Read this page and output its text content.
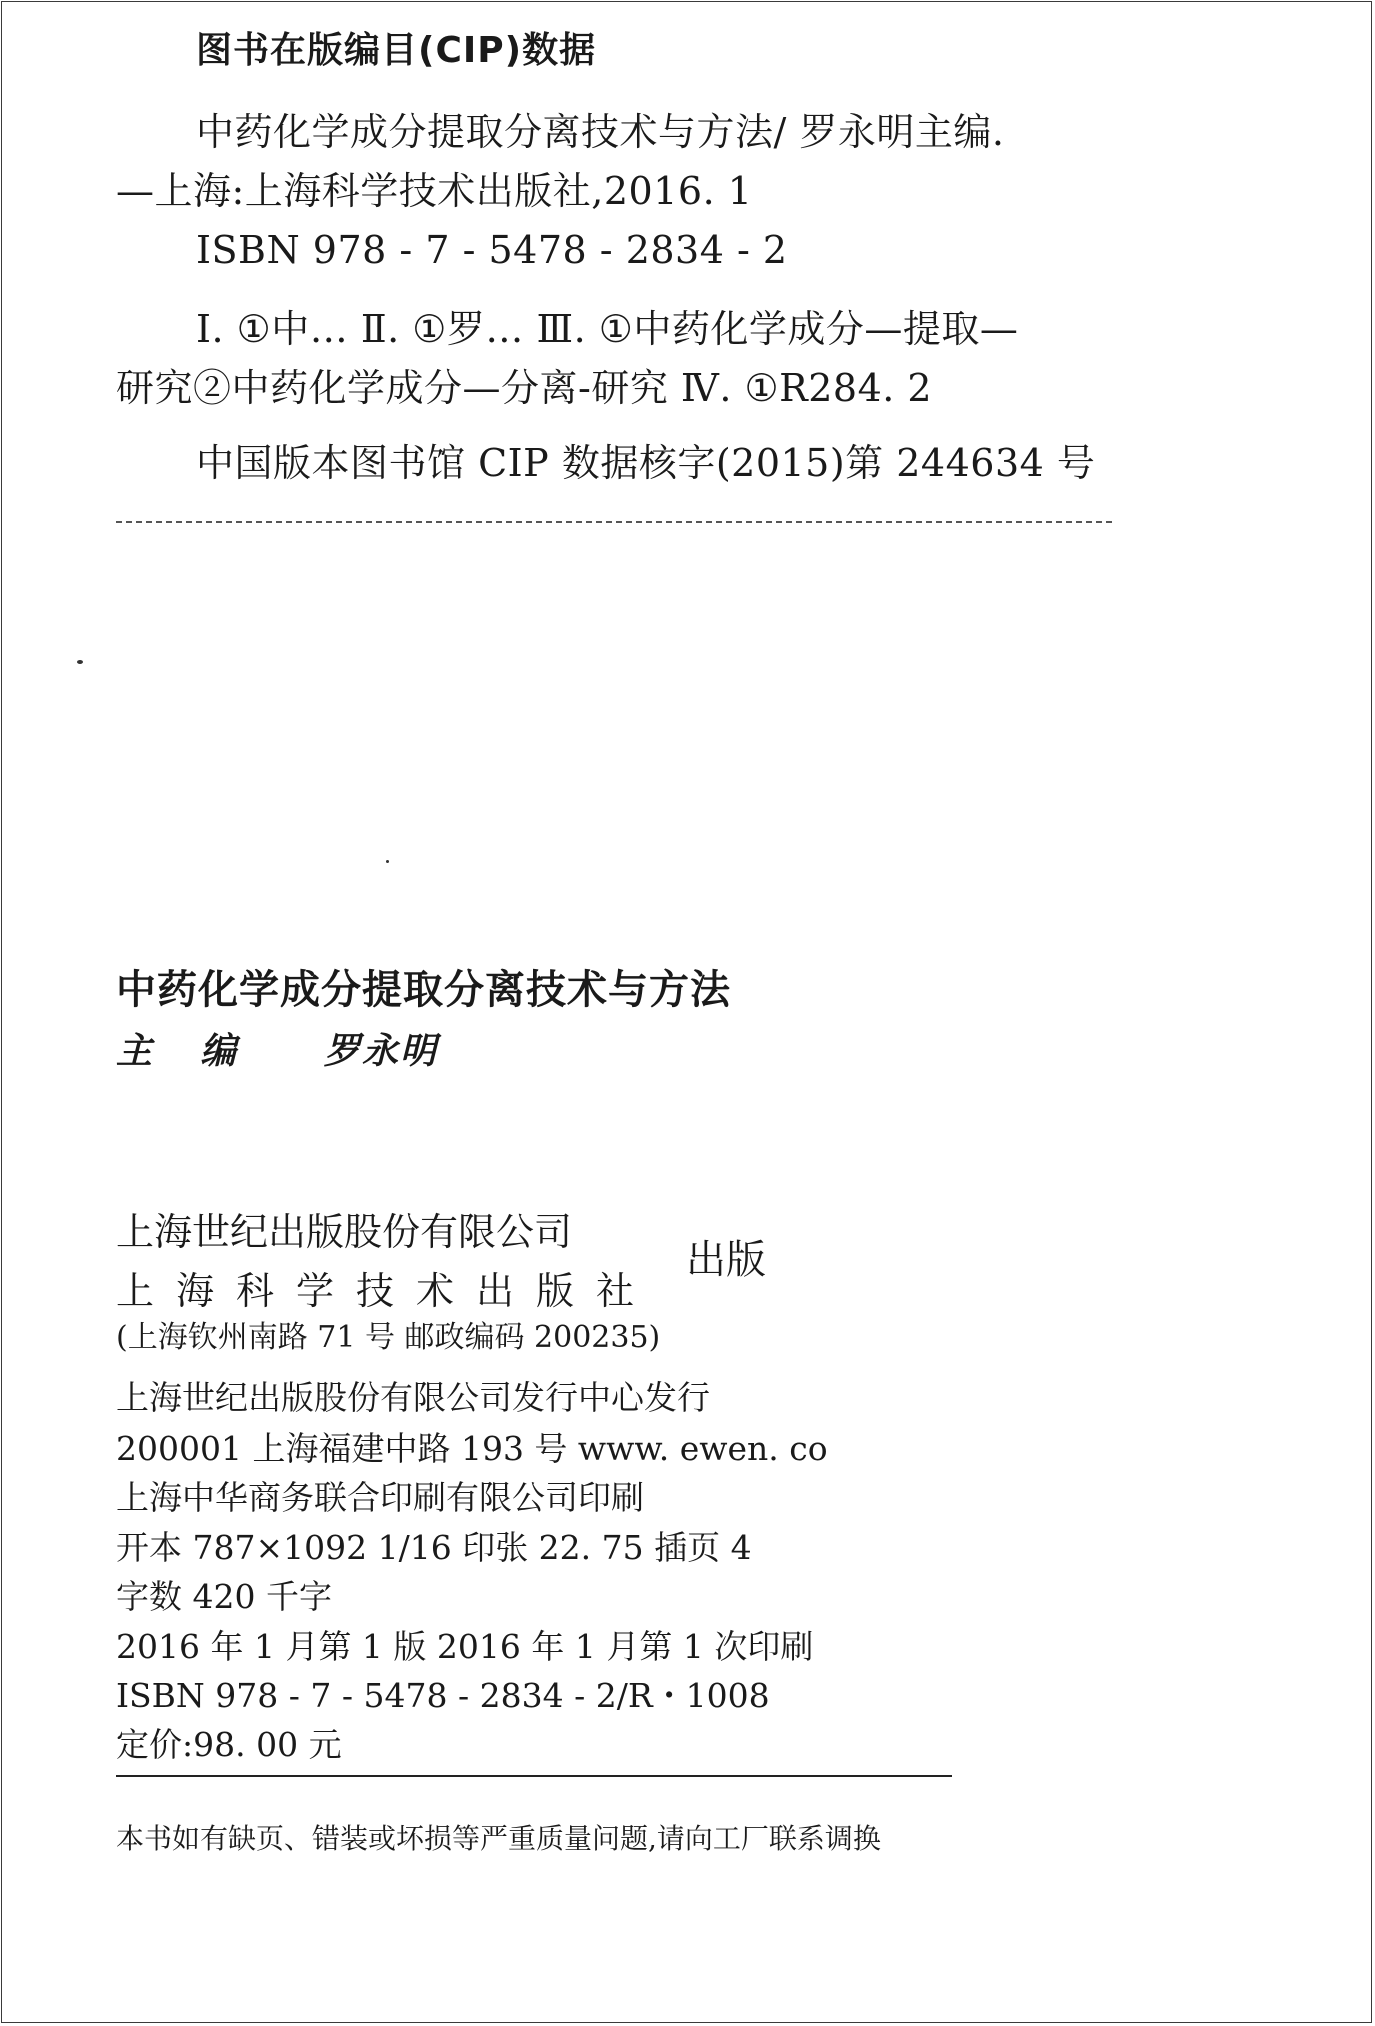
图书在版编目(CIP)数据
中药化学成分提取分离技术与方法/ 罗永明主编.
—上海:上海科学技术出版社,2016. 1
ISBN 978 - 7 - 5478 - 2834 - 2
Ⅰ. ①中… Ⅱ. ①罗… Ⅲ. ①中药化学成分—提取—
研究②中药化学成分—分离-研究 Ⅳ. ①R284. 2
中国版本图书馆 CIP 数据核字(2015)第 244634 号
中药化学成分提取分离技术与方法
主编 罗永明
上海世纪出版股份有限公司
上海科学技术出版社
出版
(上海钦州南路 71 号 邮政编码 200235)
上海世纪出版股份有限公司发行中心发行
200001 上海福建中路 193 号 www. ewen. co
上海中华商务联合印刷有限公司印刷
开本 787×1092 1/16 印张 22. 75 插页 4
字数 420 千字
2016 年 1 月第 1 版 2016 年 1 月第 1 次印刷
ISBN 978 - 7 - 5478 - 2834 - 2/R・1008
定价:98. 00 元
本书如有缺页、错装或坏损等严重质量问题,请向工厂联系调换
